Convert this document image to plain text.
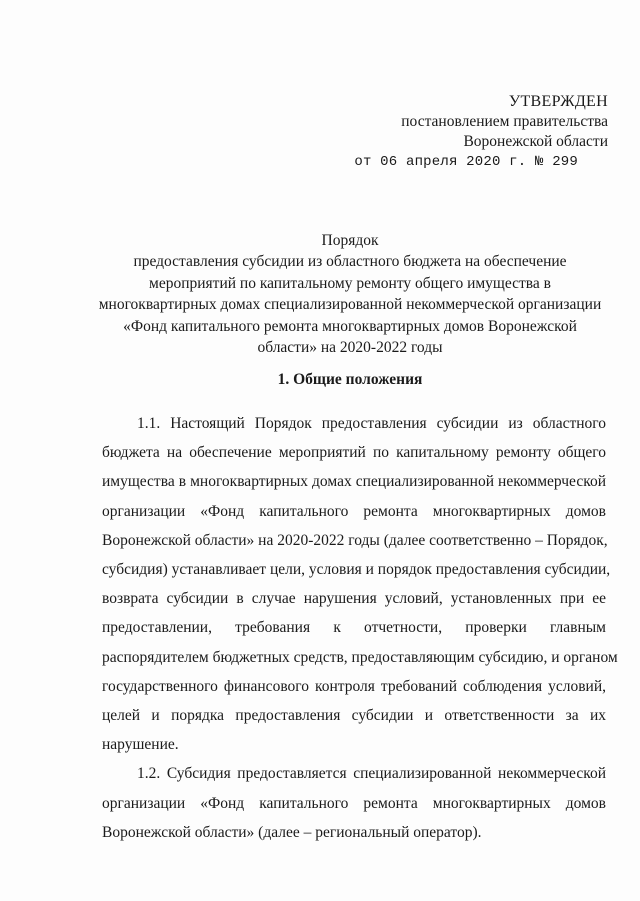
УТВЕРЖДЕН
постановлением правительства
Воронежской области
от 06 апреля 2020 г. № 299
Порядок
предоставления субсидии из областного бюджета на обеспечение
мероприятий по капитальному ремонту общего имущества в
многоквартирных домах специализированной некоммерческой организации
«Фонд капитального ремонта многоквартирных домов Воронежской
области» на 2020-2022 годы
1. Общие положения

1.1. Настоящий Порядок предоставления субсидии из областного
бюджета на обеспечение мероприятий по капитальному ремонту общего
имущества в многоквартирных домах специализированной некоммерческой
организации «Фонд капитального ремонта многоквартирных домов
Воронежской области» на 2020-2022 годы (далее соответственно – Порядок,
субсидия) устанавливает цели, условия и порядок предоставления субсидии,
возврата субсидии в случае нарушения условий, установленных при ее
предоставлении, требования к отчетности, проверки главным
распорядителем бюджетных средств, предоставляющим субсидию, и органом
государственного финансового контроля требований соблюдения условий,
целей и порядка предоставления субсидии и ответственности за их
нарушение.

1.2. Субсидия предоставляется специализированной некоммерческой
организации «Фонд капитального ремонта многоквартирных домов
Воронежской области» (далее – региональный оператор).
